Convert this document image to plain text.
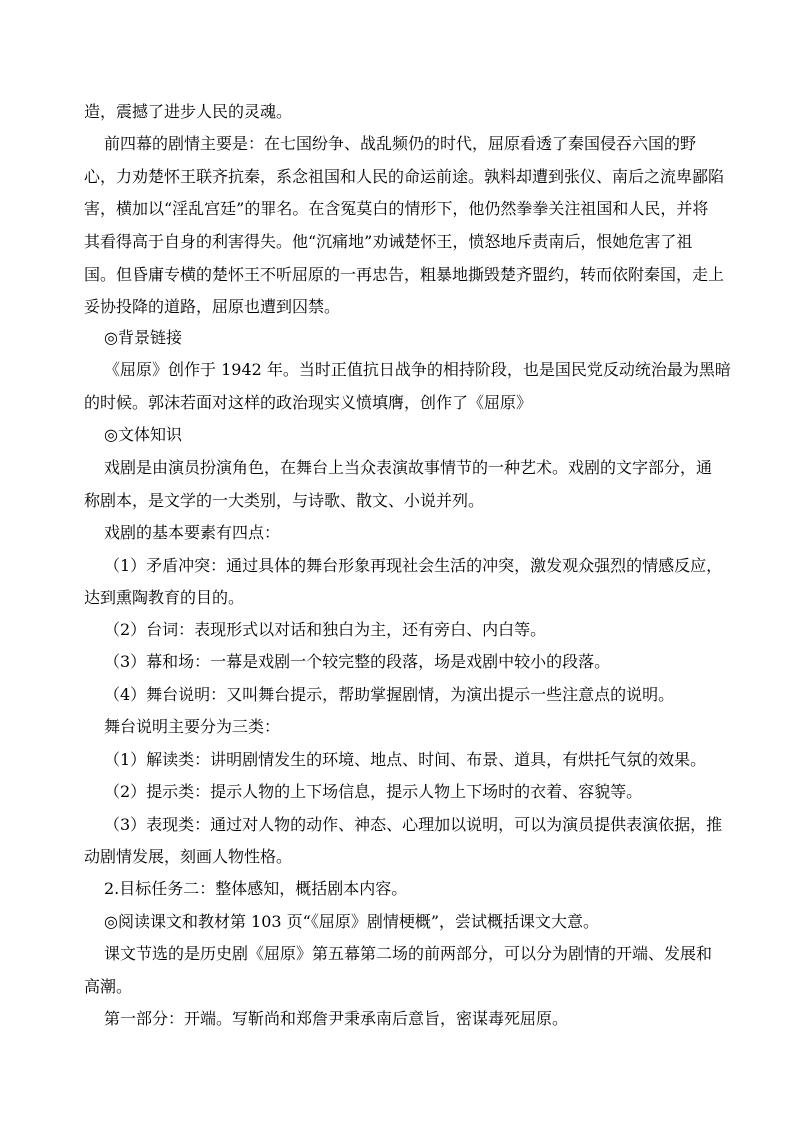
造，震撼了进步人民的灵魂。
前四幕的剧情主要是：在七国纷争、战乱频仍的时代，屈原看透了秦国侵吞六国的野
心，力劝楚怀王联齐抗秦，系念祖国和人民的命运前途。孰料却遭到张仪、南后之流卑鄙陷
害，横加以“淫乱宫廷”的罪名。在含冤莫白的情形下，他仍然拳拳关注祖国和人民，并将
其看得高于自身的利害得失。他“沉痛地”劝诫楚怀王，愤怒地斥责南后，恨她危害了祖
国。但昏庸专横的楚怀王不听屈原的一再忠告，粗暴地撕毁楚齐盟约，转而依附秦国，走上
妥协投降的道路，屈原也遭到囚禁。
◎背景链接
《屈原》创作于 1942 年。当时正值抗日战争的相持阶段，也是国民党反动统治最为黑暗
的时候。郭沫若面对这样的政治现实义愤填膺，创作了《屈原》
◎文体知识
戏剧是由演员扮演角色，在舞台上当众表演故事情节的一种艺术。戏剧的文字部分，通
称剧本，是文学的一大类别，与诗歌、散文、小说并列。
戏剧的基本要素有四点：
（1）矛盾冲突：通过具体的舞台形象再现社会生活的冲突，激发观众强烈的情感反应，
达到熏陶教育的目的。
（2）台词：表现形式以对话和独白为主，还有旁白、内白等。
（3）幕和场：一幕是戏剧一个较完整的段落，场是戏剧中较小的段落。
（4）舞台说明：又叫舞台提示，帮助掌握剧情，为演出提示一些注意点的说明。
舞台说明主要分为三类：
（1）解读类：讲明剧情发生的环境、地点、时间、布景、道具，有烘托气氛的效果。
（2）提示类：提示人物的上下场信息，提示人物上下场时的衣着、容貌等。
（3）表现类：通过对人物的动作、神态、心理加以说明，可以为演员提供表演依据，推
动剧情发展，刻画人物性格。
2.目标任务二：整体感知，概括剧本内容。
◎阅读课文和教材第 103 页“《屈原》剧情梗概”，尝试概括课文大意。
课文节选的是历史剧《屈原》第五幕第二场的前两部分，可以分为剧情的开端、发展和
高潮。
第一部分：开端。写靳尚和郑詹尹秉承南后意旨，密谋毒死屈原。
